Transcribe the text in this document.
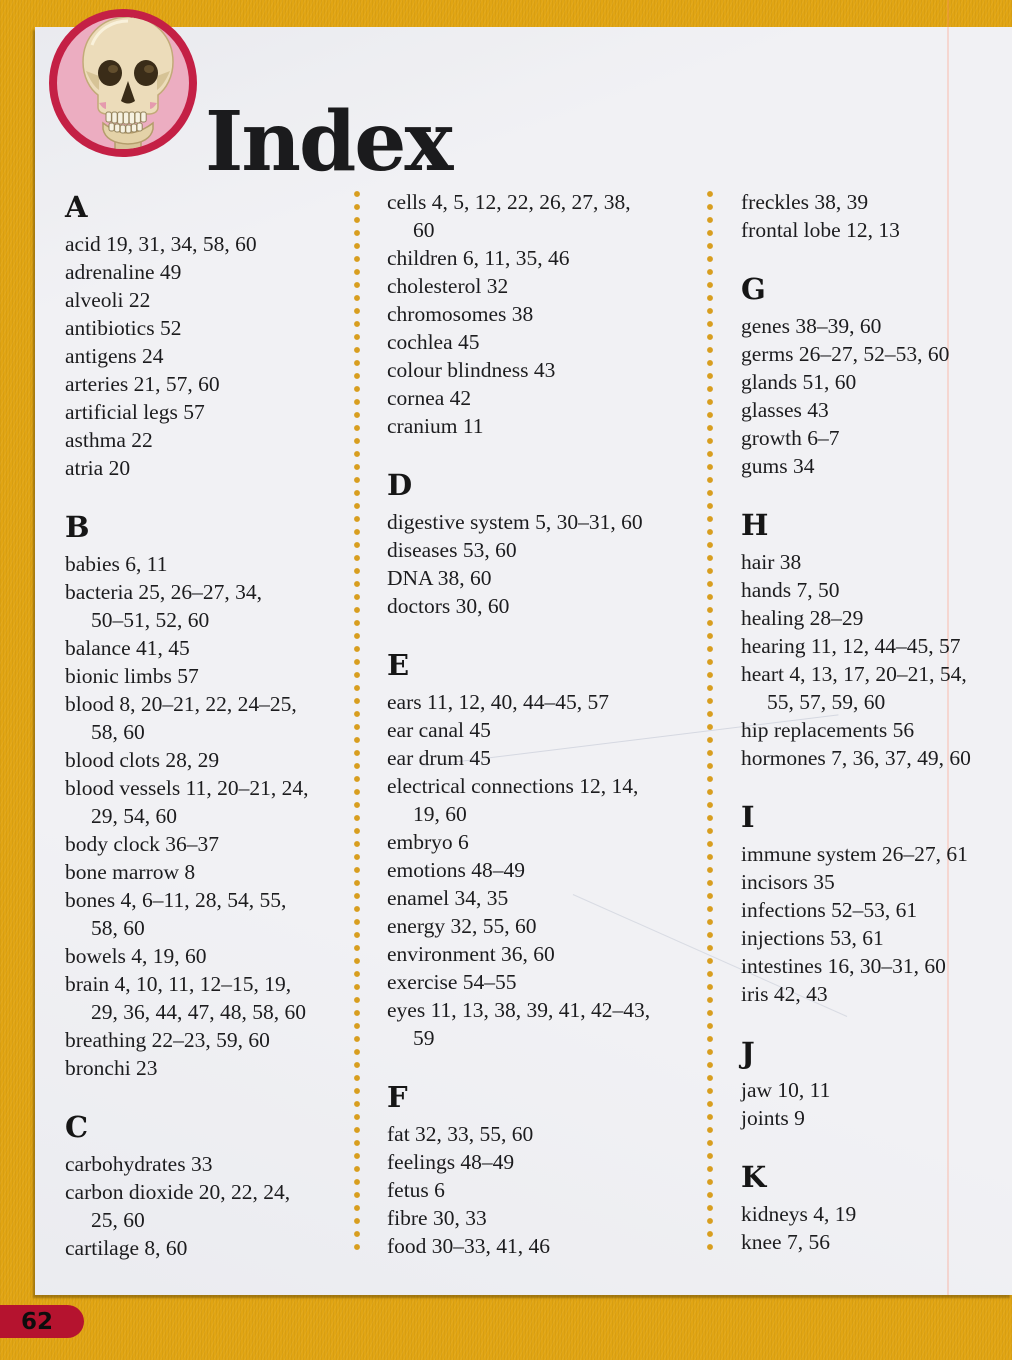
Index
A
acid 19, 31, 34, 58, 60
adrenaline 49
alveoli 22
antibiotics 52
antigens 24
arteries 21, 57, 60
artificial legs 57
asthma 22
atria 20
B
babies 6, 11
bacteria 25, 26–27, 34,
50–51, 52, 60
balance 41, 45
bionic limbs 57
blood 8, 20–21, 22, 24–25,
58, 60
blood clots 28, 29
blood vessels 11, 20–21, 24,
29, 54, 60
body clock 36–37
bone marrow 8
bones 4, 6–11, 28, 54, 55,
58, 60
bowels 4, 19, 60
brain 4, 10, 11, 12–15, 19,
29, 36, 44, 47, 48, 58, 60
breathing 22–23, 59, 60
bronchi 23
C
carbohydrates 33
carbon dioxide 20, 22, 24,
25, 60
cartilage 8, 60
cells 4, 5, 12, 22, 26, 27, 38,
60
children 6, 11, 35, 46
cholesterol 32
chromosomes 38
cochlea 45
colour blindness 43
cornea 42
cranium 11
D
digestive system 5, 30–31, 60
diseases 53, 60
DNA 38, 60
doctors 30, 60
E
ears 11, 12, 40, 44–45, 57
ear canal 45
ear drum 45
electrical connections 12, 14,
19, 60
embryo 6
emotions 48–49
enamel 34, 35
energy 32, 55, 60
environment 36, 60
exercise 54–55
eyes 11, 13, 38, 39, 41, 42–43,
59
F
fat 32, 33, 55, 60
feelings 48–49
fetus 6
fibre 30, 33
food 30–33, 41, 46
freckles 38, 39
frontal lobe 12, 13
G
genes 38–39, 60
germs 26–27, 52–53, 60
glands 51, 60
glasses 43
growth 6–7
gums 34
H
hair 38
hands 7, 50
healing 28–29
hearing 11, 12, 44–45, 57
heart 4, 13, 17, 20–21, 54,
55, 57, 59, 60
hip replacements 56
hormones 7, 36, 37, 49, 60
I
immune system 26–27, 61
incisors 35
infections 52–53, 61
injections 53, 61
intestines 16, 30–31, 60
iris 42, 43
J
jaw 10, 11
joints 9
K
kidneys 4, 19
knee 7, 56
62
